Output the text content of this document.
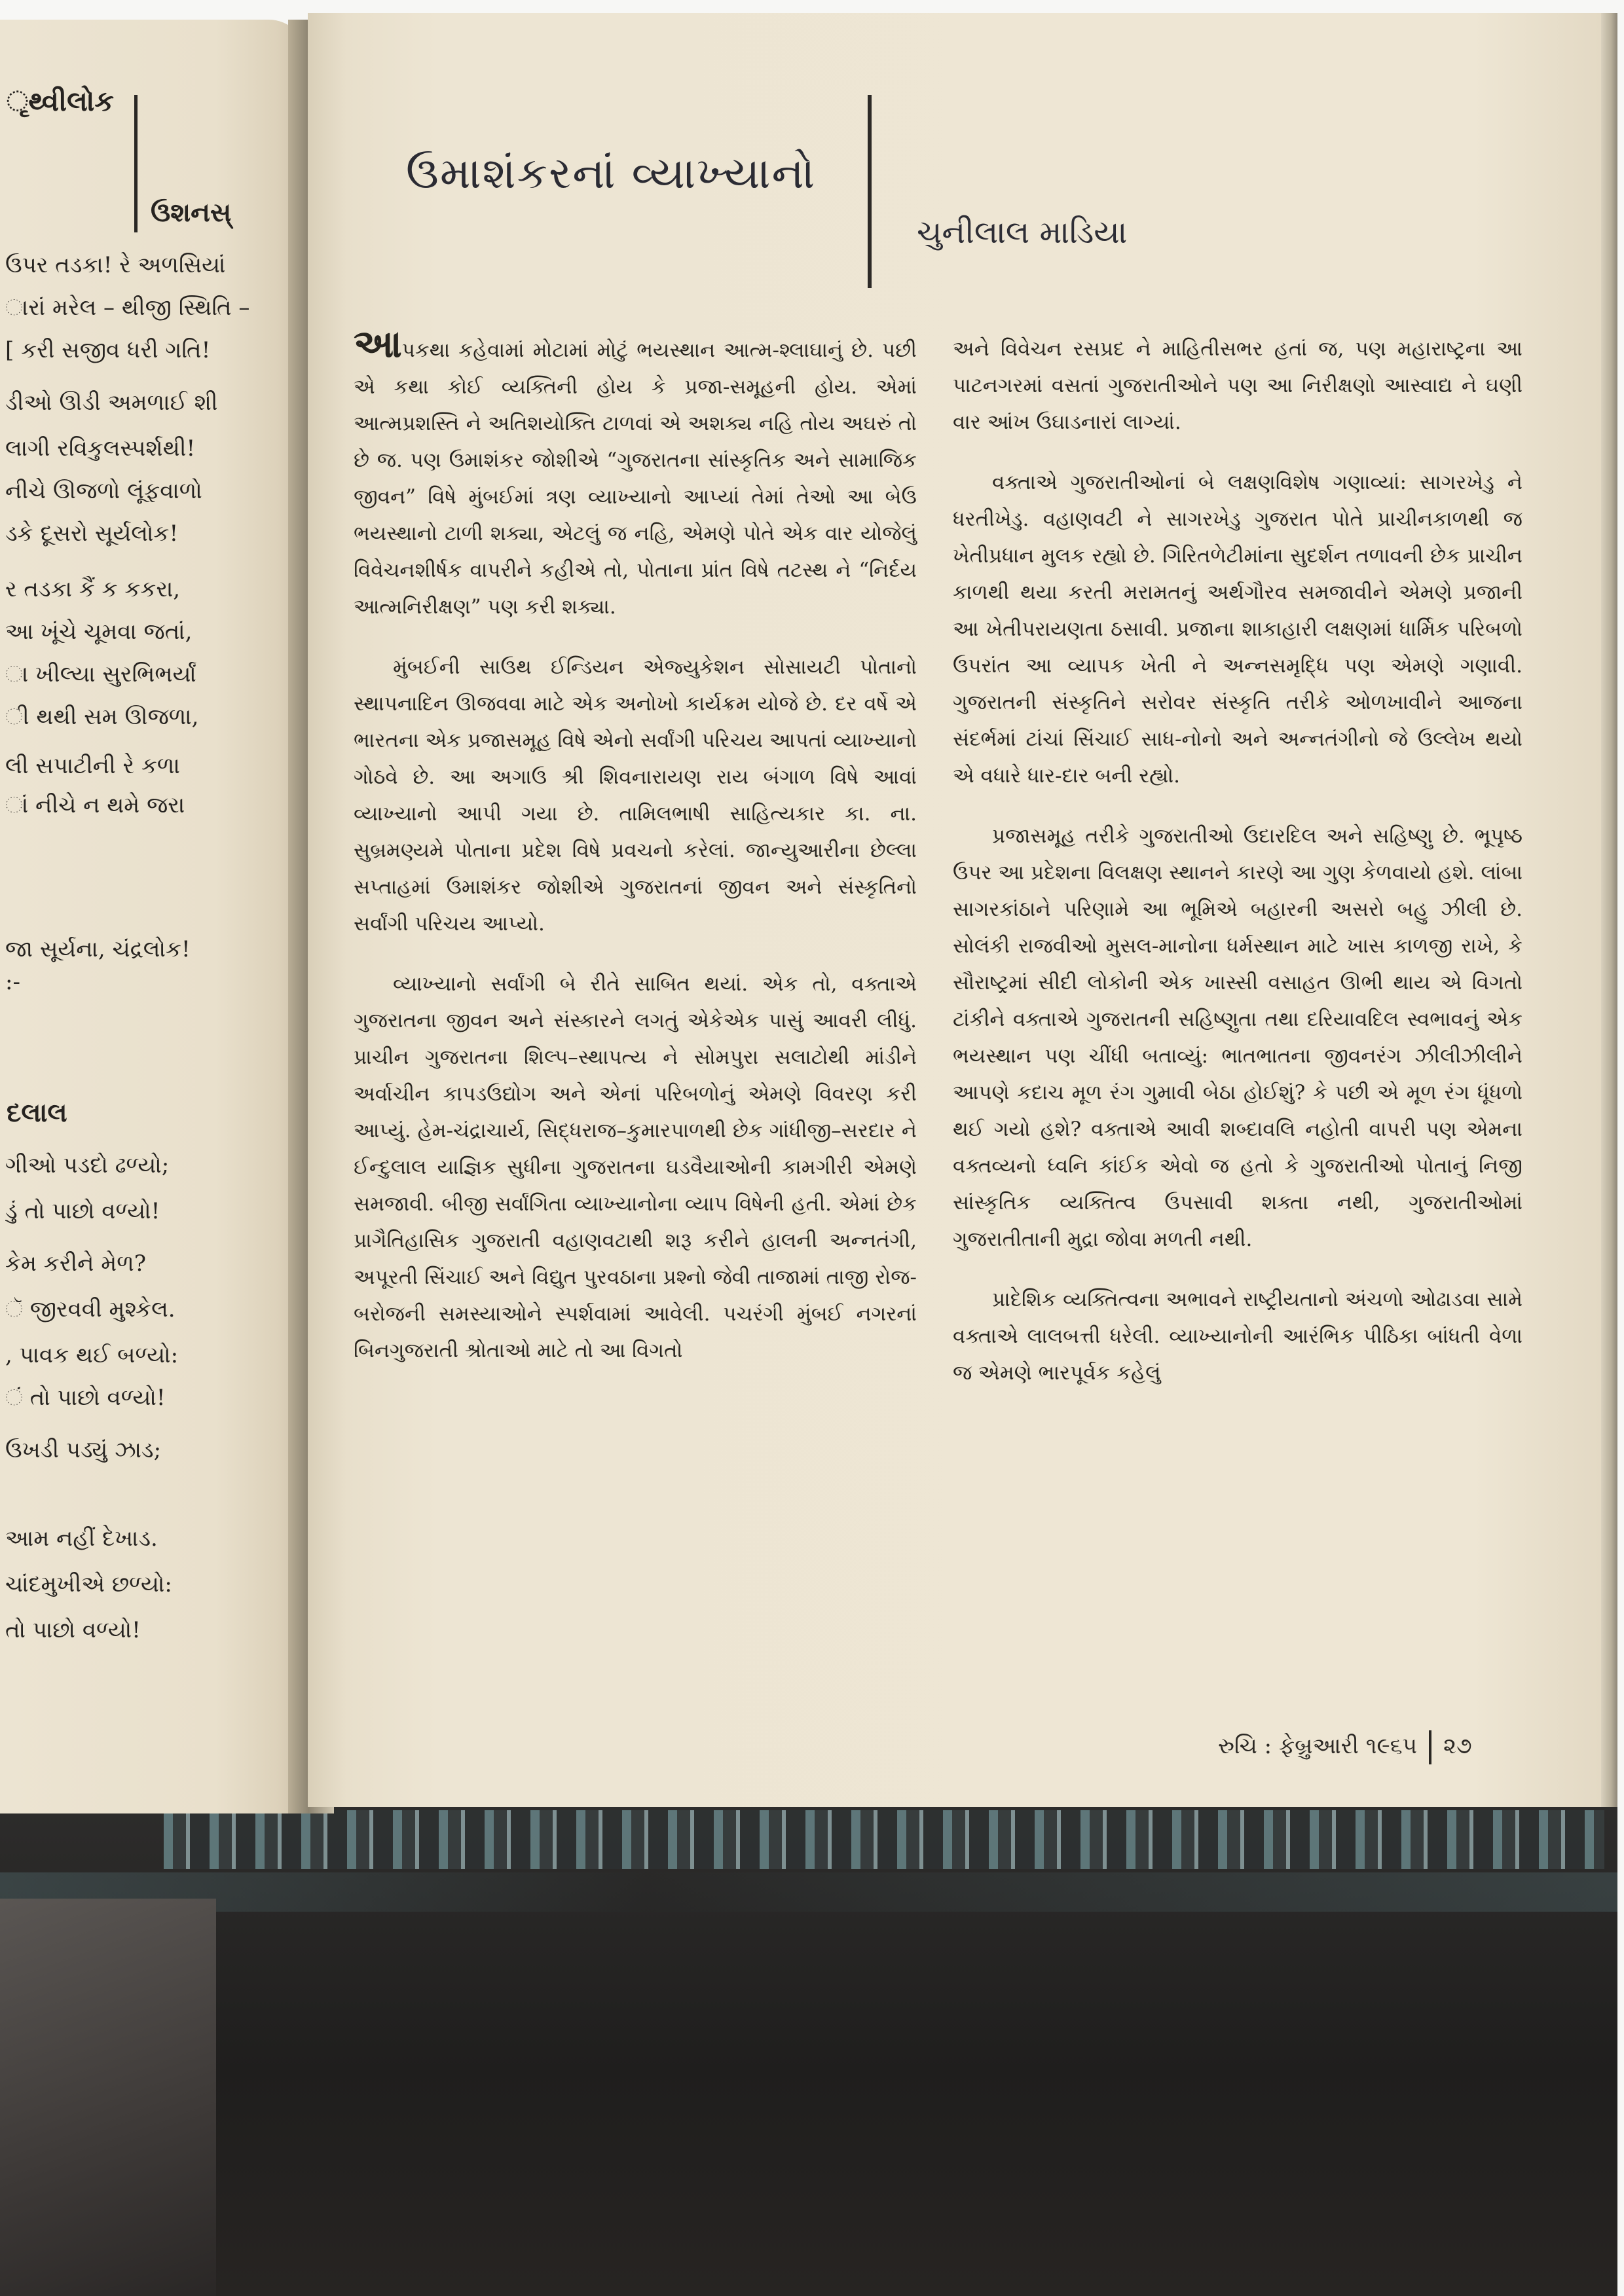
ૃથ્વીલોક
ઉશનસ્
ઉપર તડકા! રે અળસિયાં
ારાં મરેલ – થીજી સ્થિતિ –
[ કરી સજીવ ધરી ગતિ!
ડીઓ ઊડી અમળાઈ શી
લાગી રવિકુલસ્પર્શથી!
નીચે ઊજળો લૂંફવાળો
ડકે દૂસરો સૂર્યલોક!
ર તડકા કૈં ક કકરા,
આ ખૂંચે ચૂમવા જતાં,
ા ખીલ્યા સુરભિભર્યાં
ી થથી સમ ઊજળા,
લી સપાટીની રે કળા
ાં નીચે ન થમે જરા
જા સૂર્યના, ચંદ્રલોક!
:-
દલાલ
ગીઓ પડદો ઢળ્યો;
ડું તો પાછો વળ્યો!
કેમ કરીને મેળ?
ૅ જીરવવી મુશ્કેલ.
, પાવક થઈ બળ્યો:
ં તો પાછો વળ્યો!
ઉખડી પડ્યું ઝાડ;
આમ નહીં દેખાડ.
ચાંદમુખીએ છળ્યો:
તો પાછો વળ્યો!
ઉમાશંકરનાં વ્યાખ્યાનો
ચુનીલાલ માડિયા

આપકથા કહેવામાં મોટામાં મોટું ભયસ્થાન આત્મ-શ્લાઘાનું છે. પછી એ કથા કોઈ વ્યક્તિની હોય કે પ્રજા-સમૂહની હોય. એમાં આત્મપ્રશસ્તિ ને અતિશયોક્તિ ટાળવાં એ અશક્ય નહિ તોય અઘરું તો છે જ. પણ ઉમાશંકર જોશીએ “ગુજરાતના સાંસ્કૃતિક અને સામાજિક જીવન” વિષે મુંબઈમાં ત્રણ વ્યાખ્યાનો આપ્યાં તેમાં તેઓ આ બેઉ ભયસ્થાનો ટાળી શક્યા, એટલું જ નહિ, એમણે પોતે એક વાર યોજેલું વિવેચનશીર્ષક વાપરીને કહીએ તો, પોતાના પ્રાંત વિષે તટસ્થ ને “નિર્દય આત્મનિરીક્ષણ” પણ કરી શક્યા.

મુંબઈની સાઉથ ઈન્ડિયન એજ્યુકેશન સોસાયટી પોતાનો સ્થાપનાદિન ઊજવવા માટે એક અનોખો કાર્યક્રમ યોજે છે. દર વર્ષે એ ભારતના એક પ્રજાસમૂહ વિષે એનો સર્વાંગી પરિચય આપતાં વ્યાખ્યાનો ગોઠવે છે. આ અગાઉ શ્રી શિવનારાયણ રાય બંગાળ વિષે આવાં વ્યાખ્યાનો આપી ગયા છે. તામિલભાષી સાહિત્યકાર કા. ના. સુબ્રમણ્યમે પોતાના પ્રદેશ વિષે પ્રવચનો કરેલાં. જાન્યુઆરીના છેલ્લા સપ્તાહમાં ઉમાશંકર જોશીએ ગુજરાતનાં જીવન અને સંસ્કૃતિનો સર્વાંગી પરિચય આપ્યો.

વ્યાખ્યાનો સર્વાંગી બે રીતે સાબિત થયાં. એક તો, વક્તાએ ગુજરાતના જીવન અને સંસ્કારને લગતું એકેએક પાસું આવરી લીધું. પ્રાચીન ગુજરાતના શિલ્પ–સ્થાપત્ય ને સોમપુરા સલાટોથી માંડીને અર્વાચીન કાપડઉદ્યોગ અને એનાં પરિબળોનું એમણે વિવરણ કરી આપ્યું. હેમ-ચંદ્રાચાર્ય, સિદ્ધરાજ–કુમારપાળથી છેક ગાંધીજી–સરદાર ને ઈન્દુલાલ યાજ્ઞિક સુધીના ગુજરાતના ઘડવૈયાઓની કામગીરી એમણે સમજાવી. બીજી સર્વાંગિતા વ્યાખ્યાનોના વ્યાપ વિષેની હતી. એમાં છેક પ્રાગૈતિહાસિક ગુજરાતી વહાણવટાથી શરૂ કરીને હાલની અન્નતંગી, અપૂરતી સિંચાઈ અને વિદ્યુત પુરવઠાના પ્રશ્નો જેવી તાજામાં તાજી રોજ-બરોજની સમસ્યાઓને સ્પર્શવામાં આવેલી. પચરંગી મુંબઈ નગરનાં બિનગુજરાતી શ્રોતાઓ માટે તો આ વિગતો

અને વિવેચન રસપ્રદ ને માહિતીસભર હતાં જ, પણ મહારાષ્ટ્રના આ પાટનગરમાં વસતાં ગુજરાતીઓને પણ આ નિરીક્ષણો આસ્વાદ્ય ને ઘણી વાર આંખ ઉઘાડનારાં લાગ્યાં.

વક્તાએ ગુજરાતીઓનાં બે લક્ષણવિશેષ ગણાવ્યાં: સાગરખેડુ ને ધરતીખેડુ. વહાણવટી ને સાગરખેડુ ગુજરાત પોતે પ્રાચીનકાળથી જ ખેતીપ્રધાન મુલક રહ્યો છે. ગિરિતળેટીમાંના સુદર્શન તળાવની છેક પ્રાચીન કાળથી થયા કરતી મરામતનું અર્થગૌરવ સમજાવીને એમણે પ્રજાની આ ખેતીપરાયણતા ઠસાવી. પ્રજાના શાકાહારી લક્ષણમાં ધાર્મિક પરિબળો ઉપરાંત આ વ્યાપક ખેતી ને અન્નસમૃદ્ધિ પણ એમણે ગણાવી. ગુજરાતની સંસ્કૃતિને સરોવર સંસ્કૃતિ તરીકે ઓળખાવીને આજના સંદર્ભમાં ટાંચાં સિંચાઈ સાધ-નોનો અને અન્નતંગીનો જે ઉલ્લેખ થયો એ વધારે ધાર-દાર બની રહ્યો.

પ્રજાસમૂહ તરીકે ગુજરાતીઓ ઉદારદિલ અને સહિષ્ણુ છે. ભૂપૃષ્ઠ ઉપર આ પ્રદેશના વિલક્ષણ સ્થાનને કારણે આ ગુણ કેળવાયો હશે. લાંબા સાગરકાંઠાને પરિણામે આ ભૂમિએ બહારની અસરો બહુ ઝીલી છે. સોલંકી રાજવીઓ મુસલ-માનોના ધર્મસ્થાન માટે ખાસ કાળજી રાખે, કે સૌરાષ્ટ્રમાં સીદી લોકોની એક ખાસ્સી વસાહત ઊભી થાય એ વિગતો ટાંકીને વક્તાએ ગુજરાતની સહિષ્ણુતા તથા દરિયાવદિલ સ્વભાવનું એક ભયસ્થાન પણ ચીંધી બતાવ્યું: ભાતભાતના જીવનરંગ ઝીલીઝીલીને આપણે કદાચ મૂળ રંગ ગુમાવી બેઠા હોઈશું? કે પછી એ મૂળ રંગ ધૂંધળો થઈ ગયો હશે? વક્તાએ આવી શબ્દાવલિ નહોતી વાપરી પણ એમના વક્તવ્યનો ધ્વનિ કાંઈક એવો જ હતો કે ગુજરાતીઓ પોતાનું નિજી સાંસ્કૃતિક વ્યક્તિત્વ ઉપસાવી શક્તા નથી, ગુજરાતીઓમાં ગુજરાતીતાની મુદ્રા જોવા મળતી નથી.

પ્રાદેશિક વ્યક્તિત્વના અભાવને રાષ્ટ્રીયતાનો અંચળો ઓઢાડવા સામે વક્તાએ લાલબત્તી ધરેલી. વ્યાખ્યાનોની આરંભિક પીઠિકા બાંધતી વેળા જ એમણે ભારપૂર્વક કહેલું

રુચિ : ફેબ્રુઆરી ૧૯૬૫ ૨૭
